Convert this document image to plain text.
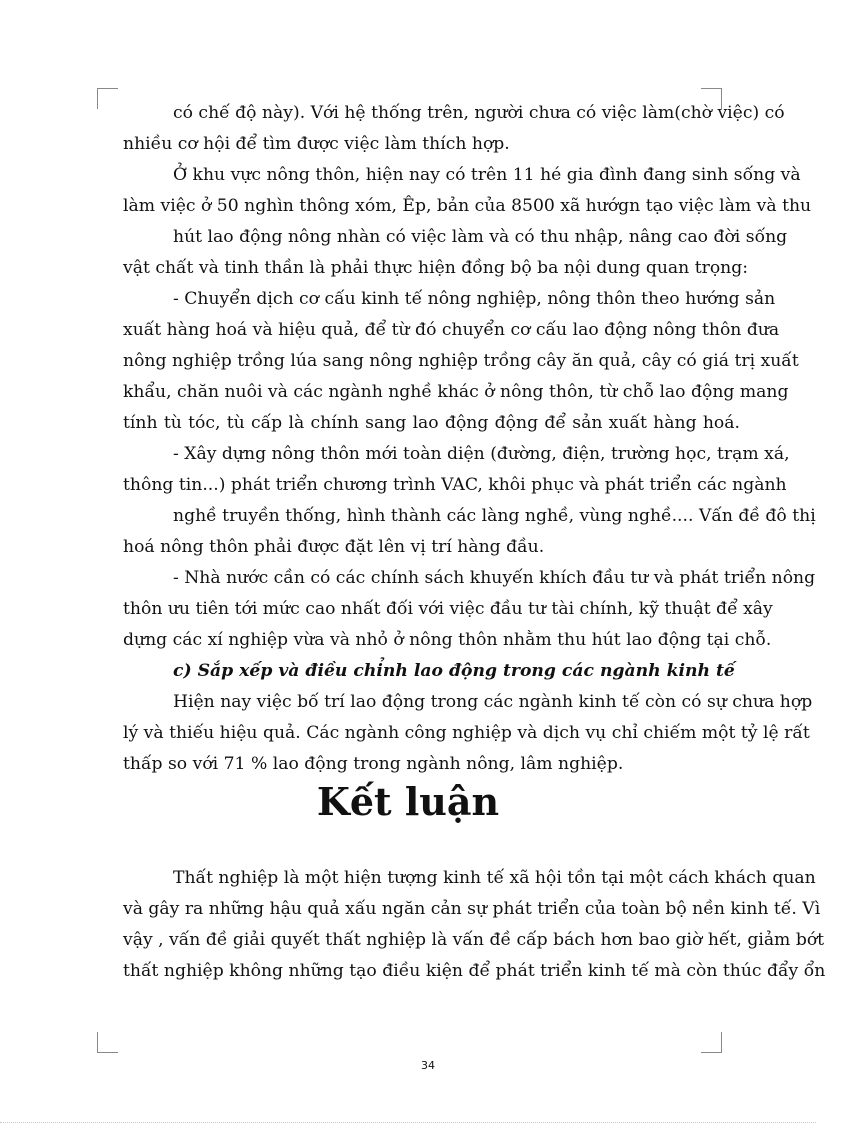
có chế độ này). Với hệ thống trên, người chưa có việc làm(chờ việc) có
nhiều cơ hội để tìm được việc làm thích hợp.
Ở khu vực nông thôn, hiện nay có trên 11 hé gia đình đang sinh sống và
làm việc ở 50 nghìn thông xóm, Êp, bản của 8500 xã hướgn tạo việc làm và thu
hút lao động nông nhàn có việc làm và có thu nhập, nâng cao đời sống
vật chất và tinh thần là phải thực hiện đồng bộ ba nội dung quan trọng:
- Chuyển dịch cơ cấu kinh tế nông nghiệp, nông thôn theo hướng sản
xuất hàng hoá và hiệu quả, để từ đó chuyển cơ cấu lao động nông thôn đưa
nông nghiệp trồng lúa sang nông nghiệp trồng cây ăn quả, cây có giá trị xuất
khẩu, chăn nuôi và các ngành nghề khác ở nông thôn, từ chỗ lao động mang
tính tù tóc, tù cấp là chính sang lao động động để sản xuất hàng hoá.
- Xây dựng nông thôn mới toàn diện (đường, điện, trường học, trạm xá,
thông tin...) phát triển chương trình VAC, khôi phục và phát triển các ngành
nghề truyền thống, hình thành các làng nghề, vùng nghề.... Vấn đề đô thị
hoá nông thôn phải được đặt lên vị trí hàng đầu.
- Nhà nước cần có các chính sách khuyến khích đầu tư và phát triển nông
thôn ưu tiên tới mức cao nhất đối với việc đầu tư tài chính, kỹ thuật để xây
dựng các xí nghiệp vừa và nhỏ ở nông thôn nhằm thu hút lao động tại chỗ.
c) Sắp xếp và điều chỉnh lao động trong các ngành kinh tế
Hiện nay việc bố trí lao động trong các ngành kinh tế còn có sự chưa hợp
lý và thiếu hiệu quả. Các ngành công nghiệp và dịch vụ chỉ chiếm một tỷ lệ rất
thấp so với 71 % lao động trong ngành nông, lâm nghiệp.
Kết luận
Thất nghiệp là một hiện tượng kinh tế xã hội tồn tại một cách khách quan
và gây ra những hậu quả xấu ngăn cản sự phát triển của toàn bộ nền kinh tế. Vì
vậy , vấn đề giải quyết thất nghiệp là vấn đề cấp bách hơn bao giờ hết, giảm bớt
thất nghiệp không những tạo điều kiện để phát triển kinh tế mà còn thúc đẩy ổn
34
